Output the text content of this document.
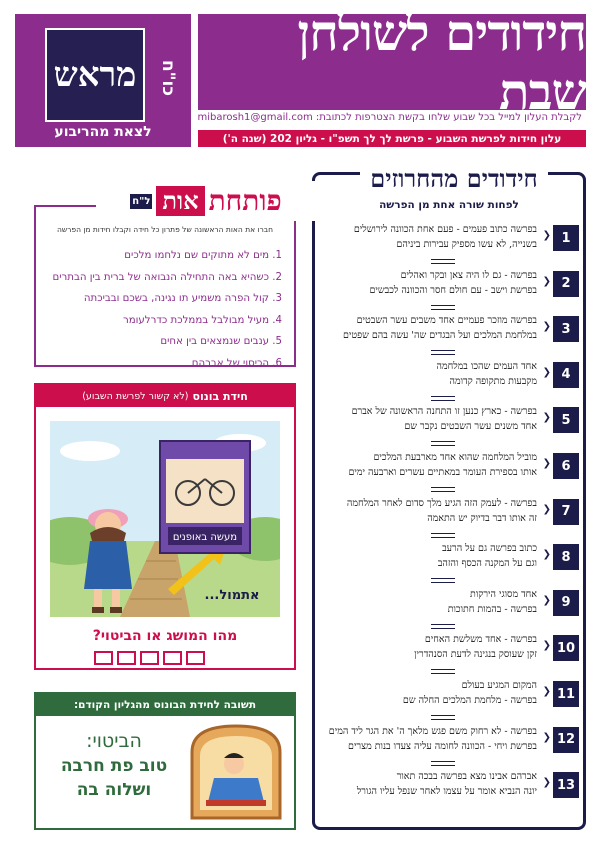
חידודים לשולחן שבת
לקבלת העלון למייל בכל שבוע שלחו בקשת הצטרפות לכתובת: mibarosh1@gmail.com
עלון חידות לפרשת השבוע - פרשת לך לך תשפ"ו - גליון 202 (שנה ה')
מראש	כו"ח
לצאת מהריבוע
חידודים מהחרוזים
לפחות שורה אחת מן הפרשה
1
❮
בפרשה כתוב פעמים - פעם אחת הכוונה לירושלים
בשנייה, לא עשו מספיק עבירות ביניהם
2
❮
בפרשה - גם לו היה צאן ובקר ואהלים
בפרשת וישב - עם חולם חסר והכוונה לכבשים
3
❮
בפרשה מוזכר פעמיים אחד משבים עשר השבטים
במלחמת המלכים ועל הבגדים שה' עשה בהם שפטים
4
❮
אחד העמים שהכו במלחמה
מקבעות מתקופה קדומה
5
❮
בפרשה - כארץ כנען זו התחנה הראשונה של אברם
אחד משנים עשר השבטים נקבר שם
6
❮
מוביל המלחמה שהוא אחד מארבעת המלכים
אותו בספירת העומר במאתיים עשרים וארבעה ימים
7
❮
בפרשה - לעמק הזה הגיע מלך סדום לאחר המלחמה
זה אותו דבר בדיוק יש התאמה
8
❮
כתוב בפרשה גם על הרעב
וגם על המקנה הכסף והזהב
9
❮
אחד מסוגי הירקות
בפרשה - בהמות חתוכות
10
❮
בפרשה - אחד משלשת האחים
זקן שעוסק בנגינה לדעת הסנהדרין
11
❮
המקום המגיע בעולם
בפרשה - מלחמת המלכים החלה שם
12
❮
בפרשה - לא רחוק משם פגש מלאך ה' את הגר ליד המים
בפרשת ויחי - הכוונה לחומה עליה צעדו בנות מצרים
13
❮
אברהם אבינו מצא בפרשה בבכה תאור
יונה הנביא אומר על עצמו לאחר שנפל עליו הגורל
פותחת
אות
ל"ח
חברו את האות הראשונה של פתרון כל חידה וקבלו חידות מן הפרשה
1. מים לא מתוקים שם נלחמו מלכים
2. כשהיא באה התחילה הנבואה של ברית בין הבתרים
3. קול הפרה משמיע תו נגינה, בשכם ובביכתה
4. מעיל מבולבל בממלכת כדרלעומר
5. ענבים שנמצאים בין אחים
6. הכיסוי של אברהם
חידת בונוס
(לא קשור לפרשת השבוע)
מעשה באופנים
אתמול...
מהו המושג או הביטוי?
תשובה לחידת הבונוס מהגליון הקודם:
הביטוי:
טוב פת חרבה
ושלוה בה
